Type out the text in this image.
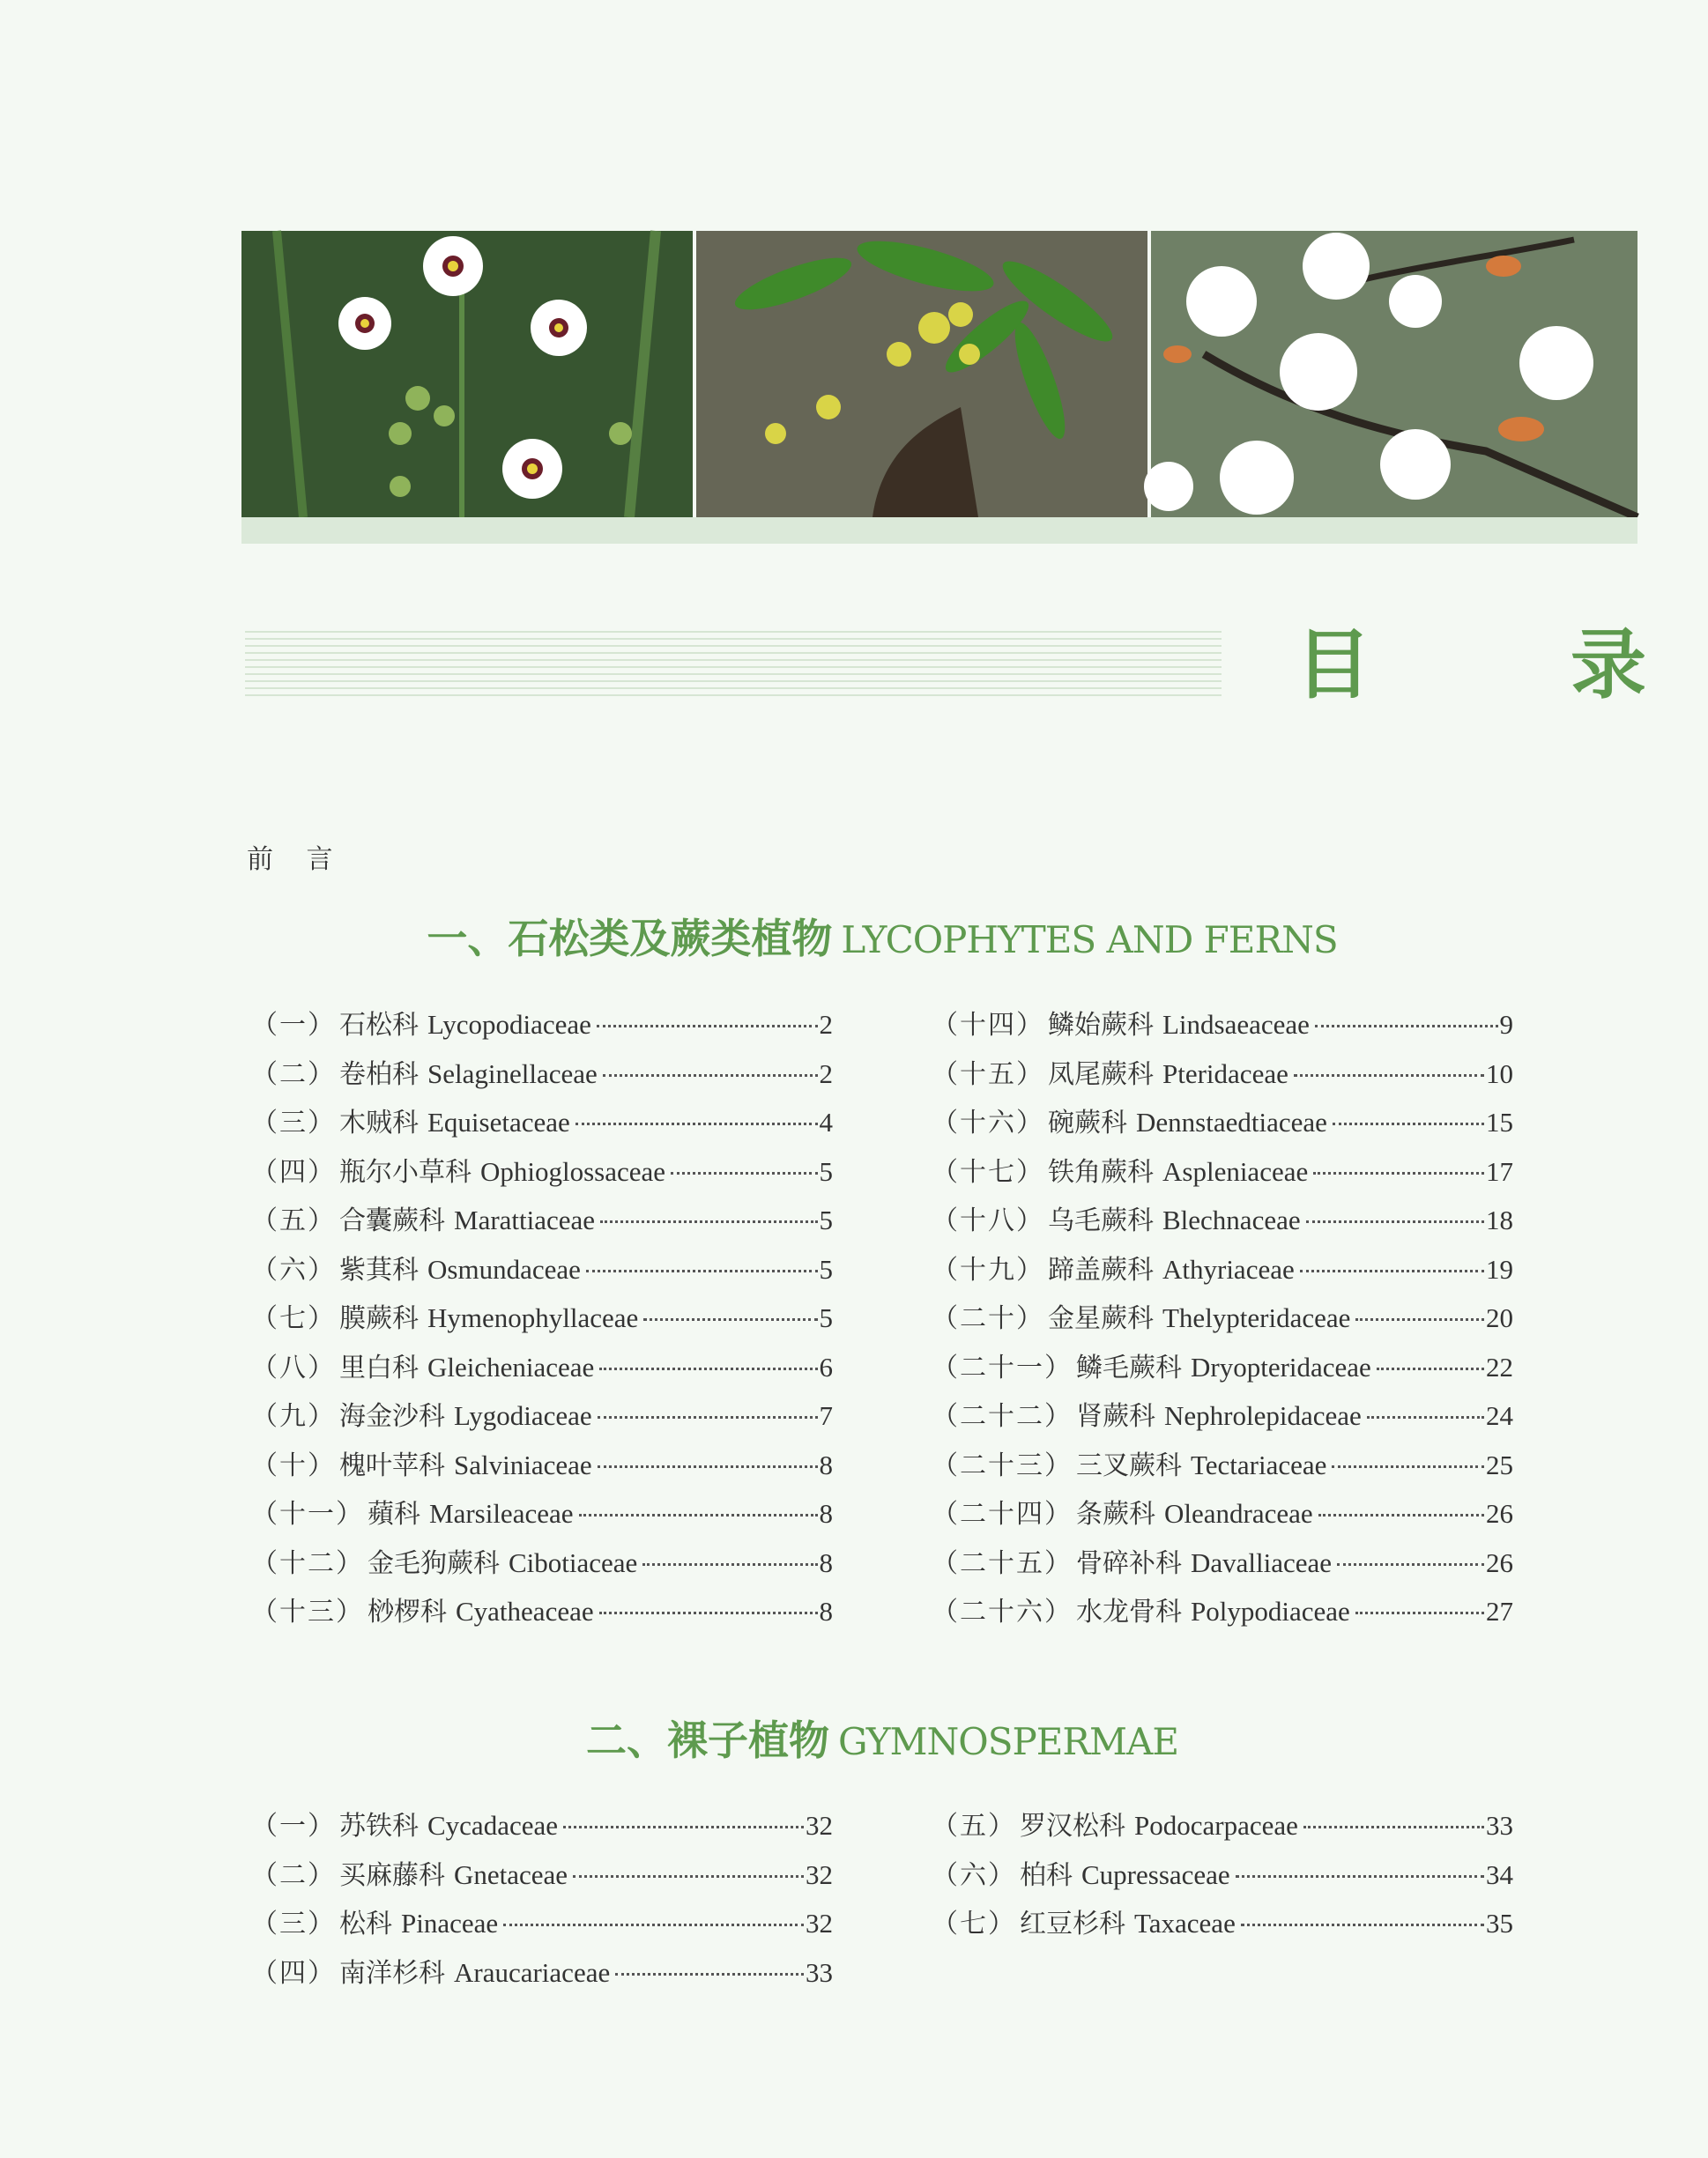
目　录
前 言
一、石松类及蕨类植物 LYCOPHYTES AND FERNS
（一） 石松科 Lycopodiaceae	2
（二） 卷柏科 Selaginellaceae	2
（三） 木贼科 Equisetaceae	4
（四） 瓶尔小草科 Ophioglossaceae	5
（五） 合囊蕨科 Marattiaceae	5
（六） 紫萁科 Osmundaceae	5
（七） 膜蕨科 Hymenophyllaceae	5
（八） 里白科 Gleicheniaceae	6
（九） 海金沙科 Lygodiaceae	7
（十） 槐叶苹科 Salviniaceae	8
（十一） 蘋科 Marsileaceae	8
（十二） 金毛狗蕨科 Cibotiaceae	8
（十三） 桫椤科 Cyatheaceae	8
（十四） 鳞始蕨科 Lindsaeaceae	9
（十五） 凤尾蕨科 Pteridaceae	10
（十六） 碗蕨科 Dennstaedtiaceae	15
（十七） 铁角蕨科 Aspleniaceae	17
（十八） 乌毛蕨科 Blechnaceae	18
（十九） 蹄盖蕨科 Athyriaceae	19
（二十） 金星蕨科 Thelypteridaceae	20
（二十一） 鳞毛蕨科 Dryopteridaceae	22
（二十二） 肾蕨科 Nephrolepidaceae	24
（二十三） 三叉蕨科 Tectariaceae	25
（二十四） 条蕨科 Oleandraceae	26
（二十五） 骨碎补科 Davalliaceae	26
（二十六） 水龙骨科 Polypodiaceae	27
二、裸子植物 GYMNOSPERMAE
（一） 苏铁科 Cycadaceae	32
（二） 买麻藤科 Gnetaceae	32
（三） 松科 Pinaceae	32
（四） 南洋杉科 Araucariaceae	33
（五） 罗汉松科 Podocarpaceae	33
（六） 柏科 Cupressaceae	34
（七） 红豆杉科 Taxaceae	35
